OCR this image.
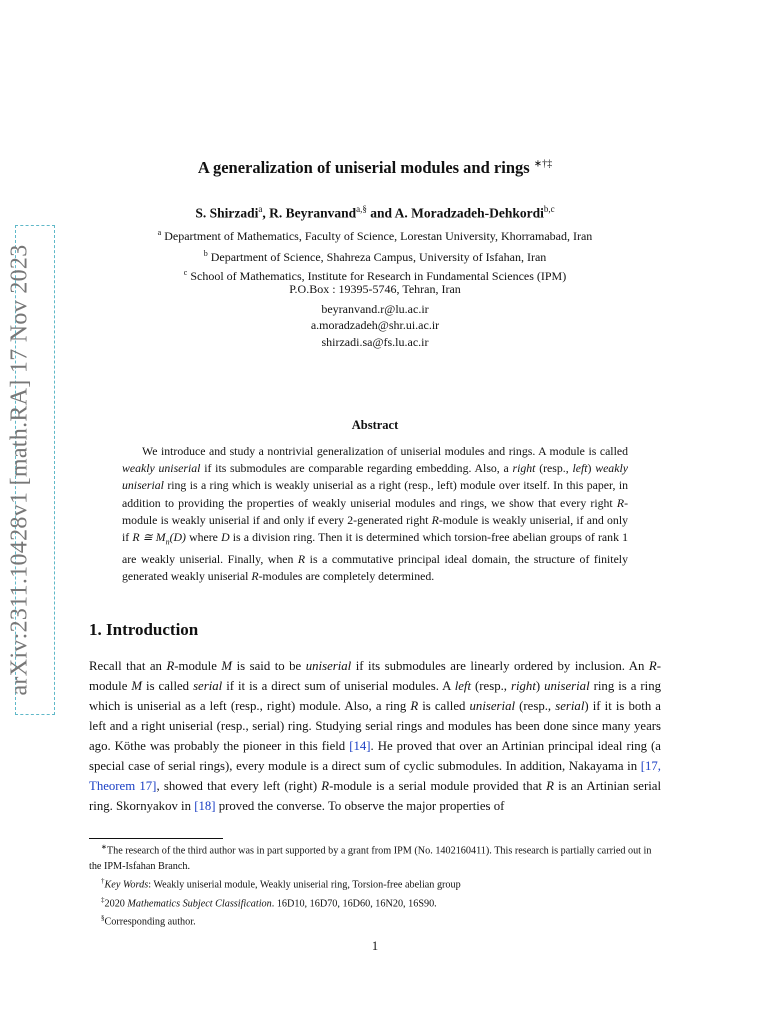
arXiv:2311.10428v1 [math.RA] 17 Nov 2023
A generalization of uniserial modules and rings ∗†‡
S. Shirzadi$^a$, R. Beyranvand$^{a,\S}$ and A. Moradzadeh-Dehkordi$^{b,c}$
$^a$ Department of Mathematics, Faculty of Science, Lorestan University, Khorramabad, Iran
$^b$ Department of Science, Shahreza Campus, University of Isfahan, Iran
$^c$ School of Mathematics, Institute for Research in Fundamental Sciences (IPM)
P.O.Box : 19395-5746, Tehran, Iran
beyranvand.r@lu.ac.ir
a.moradzadeh@shr.ui.ac.ir
shirzadi.sa@fs.lu.ac.ir
Abstract
We introduce and study a nontrivial generalization of uniserial modules and rings. A module is called weakly uniserial if its submodules are comparable regarding embedding. Also, a right (resp., left) weakly uniserial ring is a ring which is weakly uniserial as a right (resp., left) module over itself. In this paper, in addition to providing the properties of weakly uniserial modules and rings, we show that every right R-module is weakly uniserial if and only if every 2-generated right R-module is weakly uniserial, if and only if R ≅ $M_n(D)$ where D is a division ring. Then it is determined which torsion-free abelian groups of rank 1 are weakly uniserial. Finally, when R is a commutative principal ideal domain, the structure of finitely generated weakly uniserial R-modules are completely determined.
1. Introduction
Recall that an R-module M is said to be uniserial if its submodules are linearly ordered by inclusion. An R-module M is called serial if it is a direct sum of uniserial modules. A left (resp., right) uniserial ring is a ring which is uniserial as a left (resp., right) module. Also, a ring R is called uniserial (resp., serial) if it is both a left and a right uniserial (resp., serial) ring. Studying serial rings and modules has been done since many years ago. Köthe was probably the pioneer in this field [14]. He proved that over an Artinian principal ideal ring (a special case of serial rings), every module is a direct sum of cyclic submodules. In addition, Nakayama in [17, Theorem 17], showed that every left (right) R-module is a serial module provided that R is an Artinian serial ring. Skornyakov in [18] proved the converse. To observe the major properties of
∗The research of the third author was in part supported by a grant from IPM (No. 1402160411). This research is partially carried out in the IPM-Isfahan Branch.
†Key Words: Weakly uniserial module, Weakly uniserial ring, Torsion-free abelian group
‡2020 Mathematics Subject Classification. 16D10, 16D70, 16D60, 16N20, 16S90.
§Corresponding author.
1
